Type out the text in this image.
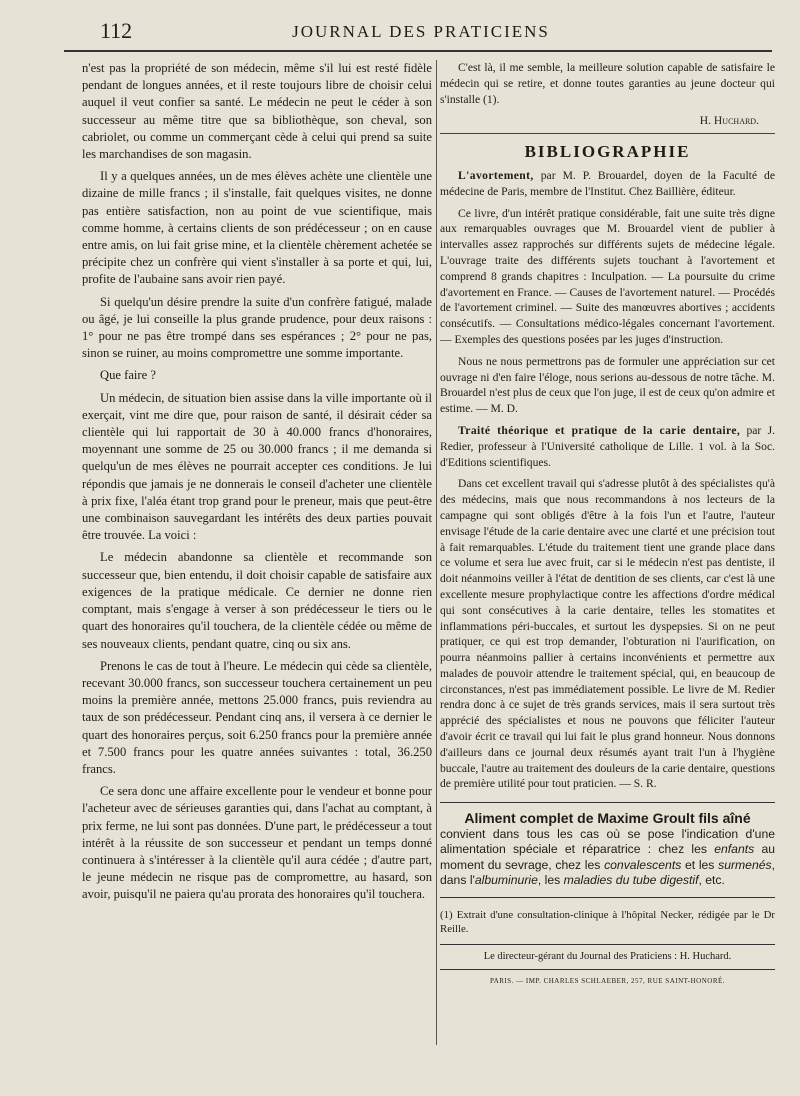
112	JOURNAL DES PRATICIENS

n'est pas la propriété de son médecin, même s'il lui est resté fidèle pendant de longues années, et il reste toujours libre de choisir celui auquel il veut confier sa santé. Le médecin ne peut le céder à son successeur au même titre que sa bibliothèque, son cheval, son cabriolet, ou comme un commerçant cède à celui qui prend sa suite les marchandises de son magasin.

Il y a quelques années, un de mes élèves achète une clientèle une dizaine de mille francs ; il s'installe, fait quelques visites, ne donne pas entière satisfaction, non au point de vue scientifique, mais comme homme, à certains clients de son prédécesseur ; on en cause entre amis, on lui fait grise mine, et la clientèle chèrement achetée se précipite chez un confrère qui vient s'installer à sa porte et qui, lui, profite de l'aubaine sans avoir rien payé.

Si quelqu'un désire prendre la suite d'un confrère fatigué, malade ou âgé, je lui conseille la plus grande prudence, pour deux raisons : 1° pour ne pas être trompé dans ses espérances ; 2° pour ne pas, sinon se ruiner, au moins compromettre une somme importante.

Que faire ?

Un médecin, de situation bien assise dans la ville importante où il exerçait, vint me dire que, pour raison de santé, il désirait céder sa clientèle qui lui rapportait de 30 à 40.000 francs d'honoraires, moyennant une somme de 25 ou 30.000 francs ; il me demanda si quelqu'un de mes élèves ne pourrait accepter ces conditions. Je lui répondis que jamais je ne donnerais le conseil d'acheter une clientèle à prix fixe, l'aléa étant trop grand pour le preneur, mais que peut-être une combinaison sauvegardant les intérêts des deux parties pouvait être trouvée. La voici :

Le médecin abandonne sa clientèle et recommande son successeur que, bien entendu, il doit choisir capable de satisfaire aux exigences de la pratique médicale. Ce dernier ne donne rien comptant, mais s'engage à verser à son prédécesseur le tiers ou le quart des honoraires qu'il touchera, de la clientèle cédée ou même de ses nouveaux clients, pendant quatre, cinq ou six ans.

Prenons le cas de tout à l'heure. Le médecin qui cède sa clientèle, recevant 30.000 francs, son successeur touchera certainement un peu moins la première année, mettons 25.000 francs, puis reviendra au taux de son prédécesseur. Pendant cinq ans, il versera à ce dernier le quart des honoraires perçus, soit 6.250 francs pour la première année et 7.500 francs pour les quatre années suivantes : total, 36.250 francs.

Ce sera donc une affaire excellente pour le vendeur et bonne pour l'acheteur avec de sérieuses garanties qui, dans l'achat au comptant, à prix ferme, ne lui sont pas données. D'une part, le prédécesseur a tout intérêt à la réussite de son successeur et pendant un temps donné continuera à s'intéresser à la clientèle qu'il aura cédée ; d'autre part, le jeune médecin ne risque pas de compromettre, au hasard, son avoir, puisqu'il ne paiera qu'au prorata des honoraires qu'il touchera.

C'est là, il me semble, la meilleure solution capable de satisfaire le médecin qui se retire, et donne toutes garanties au jeune docteur qui s'installe (1).

H. Huchard.
BIBLIOGRAPHIE

L'avortement, par M. P. Brouardel, doyen de la Faculté de médecine de Paris, membre de l'Institut. Chez Baillière, éditeur.

Ce livre, d'un intérêt pratique considérable, fait une suite très digne aux remarquables ouvrages que M. Brouardel vient de publier à intervalles assez rapprochés sur différents sujets de médecine légale. L'ouvrage traite des différents sujets touchant à l'avortement et comprend 8 grands chapitres : Inculpation. — La poursuite du crime d'avortement en France. — Causes de l'avortement naturel. — Procédés de l'avortement criminel. — Suite des manœuvres abortives ; accidents consécutifs. — Consultations médico-légales concernant l'avortement. — Exemples des questions posées par les juges d'instruction.

Nous ne nous permettrons pas de formuler une appréciation sur cet ouvrage ni d'en faire l'éloge, nous serions au-dessous de notre tâche. M. Brouardel n'est plus de ceux que l'on juge, il est de ceux qu'on admire et estime. — M. D.

Traité théorique et pratique de la carie dentaire, par J. Redier, professeur à l'Université catholique de Lille. 1 vol. à la Soc. d'Editions scientifiques.

Dans cet excellent travail qui s'adresse plutôt à des spécialistes qu'à des médecins, mais que nous recommandons à nos lecteurs de la campagne qui sont obligés d'être à la fois l'un et l'autre, l'auteur envisage l'étude de la carie dentaire avec une clarté et une précision tout à fait remarquables. L'étude du traitement tient une grande place dans ce volume et sera lue avec fruit, car si le médecin n'est pas dentiste, il doit néanmoins veiller à l'état de dentition de ses clients, car c'est là une excellente mesure prophylactique contre les affections d'ordre médical qui sont consécutives à la carie dentaire, telles les stomatites et inflammations péri-buccales, et surtout les dyspepsies. Si on ne peut pratiquer, ce qui est trop demander, l'obturation ni l'aurification, on pourra néanmoins pallier à certains inconvénients et permettre aux malades de pouvoir attendre le traitement spécial, qui, en beaucoup de circonstances, n'est pas immédiatement possible. Le livre de M. Redier rendra donc à ce sujet de très grands services, mais il sera surtout très apprécié des spécialistes et nous ne pouvons que féliciter l'auteur d'avoir écrit ce travail qui lui fait le plus grand honneur. Nous donnons d'ailleurs dans ce journal deux résumés ayant trait l'un à l'hygiène buccale, l'autre au traitement des douleurs de la carie dentaire, questions de première utilité pour tout praticien. — S. R.

Aliment complet de Maxime Groult fils aîné
convient dans tous les cas où se pose l'indication d'une alimentation spéciale et réparatrice : chez les enfants au moment du sevrage, chez les convalescents et les surmenés, dans l'albuminurie, les maladies du tube digestif, etc.
(1) Extrait d'une consultation-clinique à l'hôpital Necker, rédigée par le Dr Reille.
Le directeur-gérant du Journal des Praticiens : H. Huchard.
PARIS. — IMP. CHARLES SCHLAEBER, 257, RUE SAINT-HONORÉ.
